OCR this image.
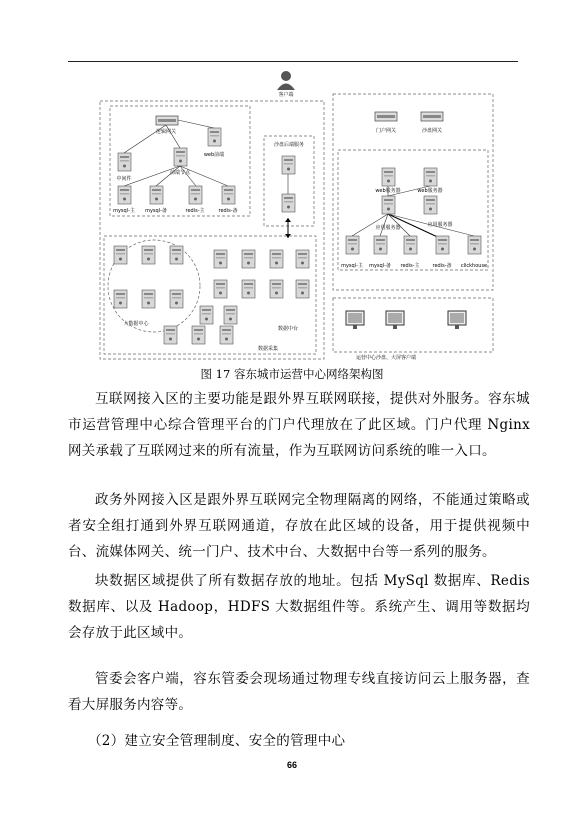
客户端
逻辑网关
web前端
中间件
前端节点
mysql-主 mysql-备	redis-主	redis-备
沙盘后端服务
大数据中心
数据中台
数据采集
门户网关	沙盘网关
web服务器	web服务器
应用服务器	应用服务器
mysql-主 mysql-备 redis-主	redis-备 clickhouse
运营中心沙盘、大屏客户端
图 17 容东城市运营中心网络架构图
互联网接入区的主要功能是跟外界互联网联接，提供对外服务。容东城市运营管理中心综合管理平台的门户代理放在了此区域。门户代理 Nginx 网关承载了互联网过来的所有流量，作为互联网访问系统的唯一入口。
政务外网接入区是跟外界互联网完全物理隔离的网络，不能通过策略或者安全组打通到外界互联网通道，存放在此区域的设备，用于提供视频中台、流媒体网关、统一门户、技术中台、大数据中台等一系列的服务。
块数据区域提供了所有数据存放的地址。包括 MySql 数据库、Redis 数据库、以及 Hadoop，HDFS 大数据组件等。系统产生、调用等数据均会存放于此区域中。
管委会客户端，容东管委会现场通过物理专线直接访问云上服务器，查看大屏服务内容等。
（2）建立安全管理制度、安全的管理中心
66
